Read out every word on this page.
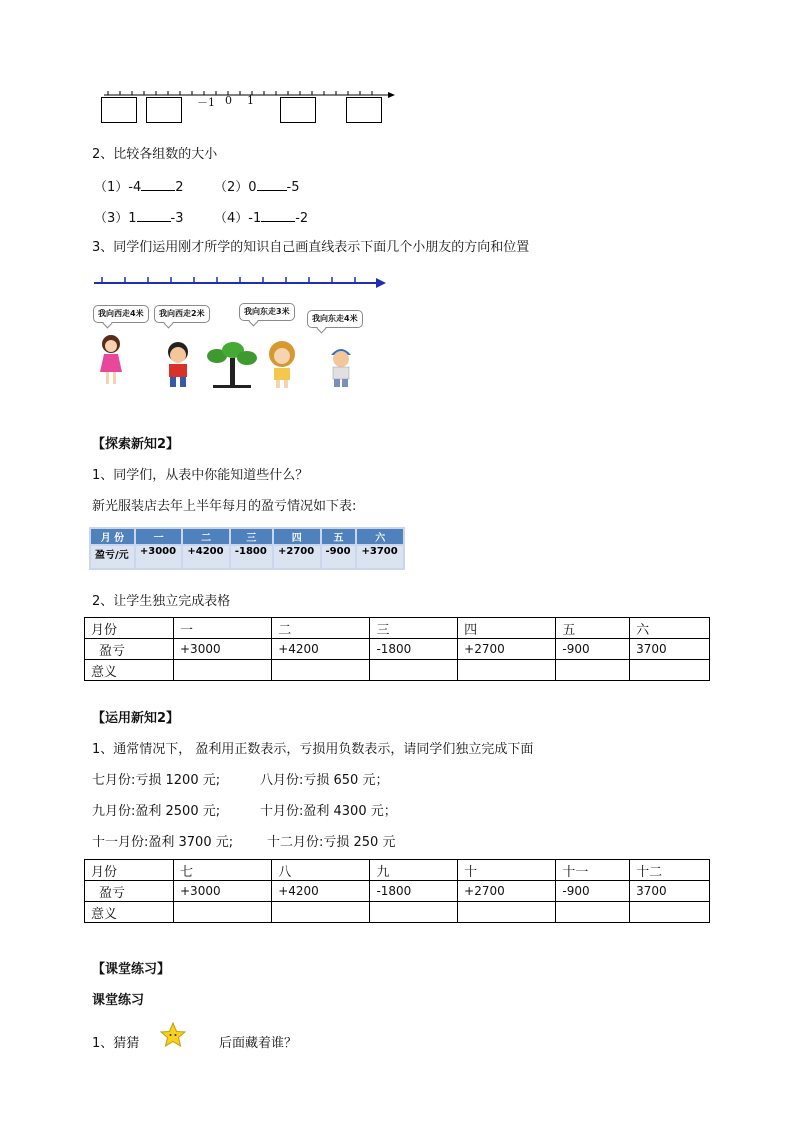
－1 0 1
2、比较各组数的大小
（1）-4	2 （2）0 -5
（3）1	-3 （4）-1	-2
3、同学们运用刚才所学的知识自己画直线表示下面几个小朋友的方向和位置
我向西走4米	我向西走2米	我向东走3米
我向东走4米
【探索新知2】
1、同学们，从表中你能知道些什么？
新光服装店去年上半年每月的盈亏情况如下表:
月 份	一	二	三	四	五	六
盈亏/元	+3000	+4200	-1800	+2700	-900	+3700
2、让学生独立完成表格
月份	一	二	三	四	五	六
盈亏	+3000	+4200	-1800	+2700	-900	3700
意义						
【运用新知2】
1、通常情况下， 盈利用正数表示，亏损用负数表示，请同学们独立完成下面
七月份:亏损 1200 元;	八月份:亏损 650 元；
九月份:盈利 2500 元;	十月份:盈利 4300 元；
十一月份:盈利 3700 元;	十二月份:亏损 250 元
月份	七	八	九	十	十一	十二
盈亏	+3000	+4200	-1800	+2700	-900	3700
意义						
【课堂练习】
课堂练习
1、猜猜	后面藏着谁？
